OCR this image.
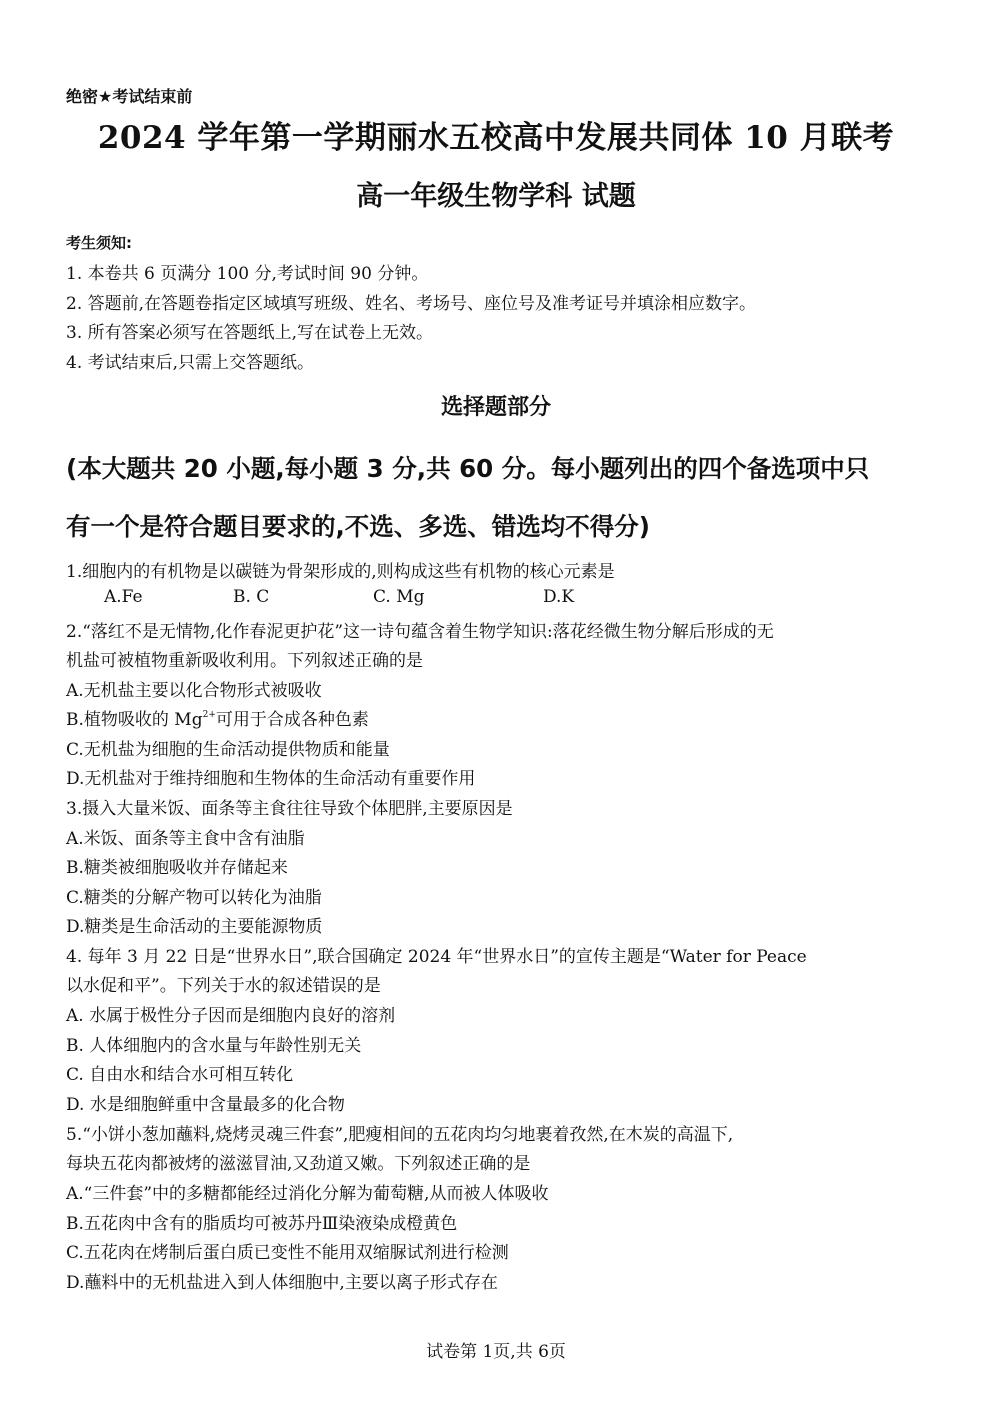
绝密★考试结束前
2024 学年第一学期丽水五校高中发展共同体 10 月联考
高一年级生物学科 试题
考生须知:
1. 本卷共 6 页满分 100 分,考试时间 90 分钟。
2. 答题前,在答题卷指定区域填写班级、姓名、考场号、座位号及准考证号并填涂相应数字。
3. 所有答案必须写在答题纸上,写在试卷上无效。
4. 考试结束后,只需上交答题纸。
选择题部分
(本大题共 20 小题,每小题 3 分,共 60 分。每小题列出的四个备选项中只
有一个是符合题目要求的,不选、多选、错选均不得分)
1.细胞内的有机物是以碳链为骨架形成的,则构成这些有机物的核心元素是
A.Fe	B. C	C. Mg	D.K
2.“落红不是无情物,化作春泥更护花”这一诗句蕴含着生物学知识:落花经微生物分解后形成的无
机盐可被植物重新吸收利用。下列叙述正确的是
A.无机盐主要以化合物形式被吸收
B.植物吸收的 $Mg^{2+}$可用于合成各种色素
C.无机盐为细胞的生命活动提供物质和能量
D.无机盐对于维持细胞和生物体的生命活动有重要作用
3.摄入大量米饭、面条等主食往往导致个体肥胖,主要原因是
A.米饭、面条等主食中含有油脂
B.糖类被细胞吸收并存储起来
C.糖类的分解产物可以转化为油脂
D.糖类是生命活动的主要能源物质
4. 每年 3 月 22 日是“世界水日”,联合国确定 2024 年“世界水日”的宣传主题是“Water for Peace
以水促和平”。下列关于水的叙述错误的是
A. 水属于极性分子因而是细胞内良好的溶剂
B. 人体细胞内的含水量与年龄性别无关
C. 自由水和结合水可相互转化
D. 水是细胞鲜重中含量最多的化合物
5.“小饼小葱加蘸料,烧烤灵魂三件套”,肥瘦相间的五花肉均匀地裹着孜然,在木炭的高温下,
每块五花肉都被烤的滋滋冒油,又劲道又嫩。下列叙述正确的是
A.“三件套”中的多糖都能经过消化分解为葡萄糖,从而被人体吸收
B.五花肉中含有的脂质均可被苏丹Ⅲ染液染成橙黄色
C.五花肉在烤制后蛋白质已变性不能用双缩脲试剂进行检测
D.蘸料中的无机盐进入到人体细胞中,主要以离子形式存在
试卷第 1页,共 6页
